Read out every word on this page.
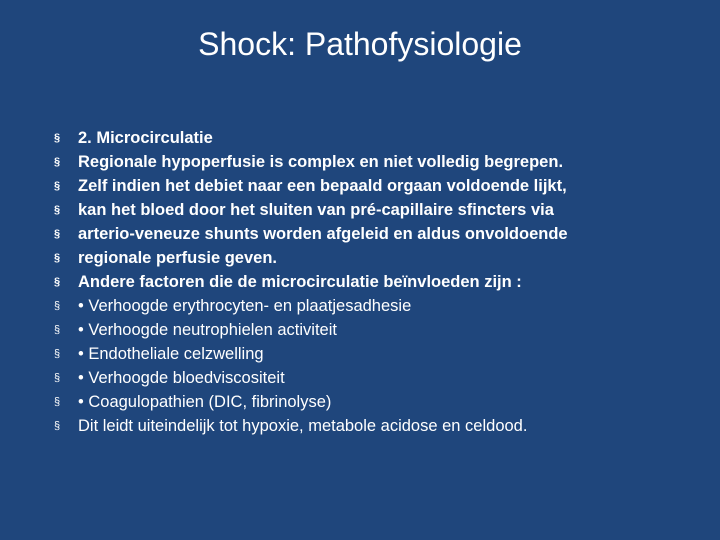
Shock: Pathofysiologie
§	2. Microcirculatie
§	Regionale hypoperfusie is complex en niet volledig begrepen.
§	Zelf indien het debiet naar een bepaald orgaan voldoende lijkt,
§	kan het bloed door het sluiten van pré-capillaire sfincters via
§	arterio-veneuze shunts worden afgeleid en aldus onvoldoende
§	regionale perfusie geven.
§	Andere factoren die de microcirculatie beïnvloeden zijn :
§	• Verhoogde erythrocyten- en plaatjesadhesie
§	• Verhoogde neutrophielen activiteit
§	• Endotheliale celzwelling
§	• Verhoogde bloedviscositeit
§	• Coagulopathien (DIC, fibrinolyse)
§	Dit leidt uiteindelijk tot hypoxie, metabole acidose en celdood.
